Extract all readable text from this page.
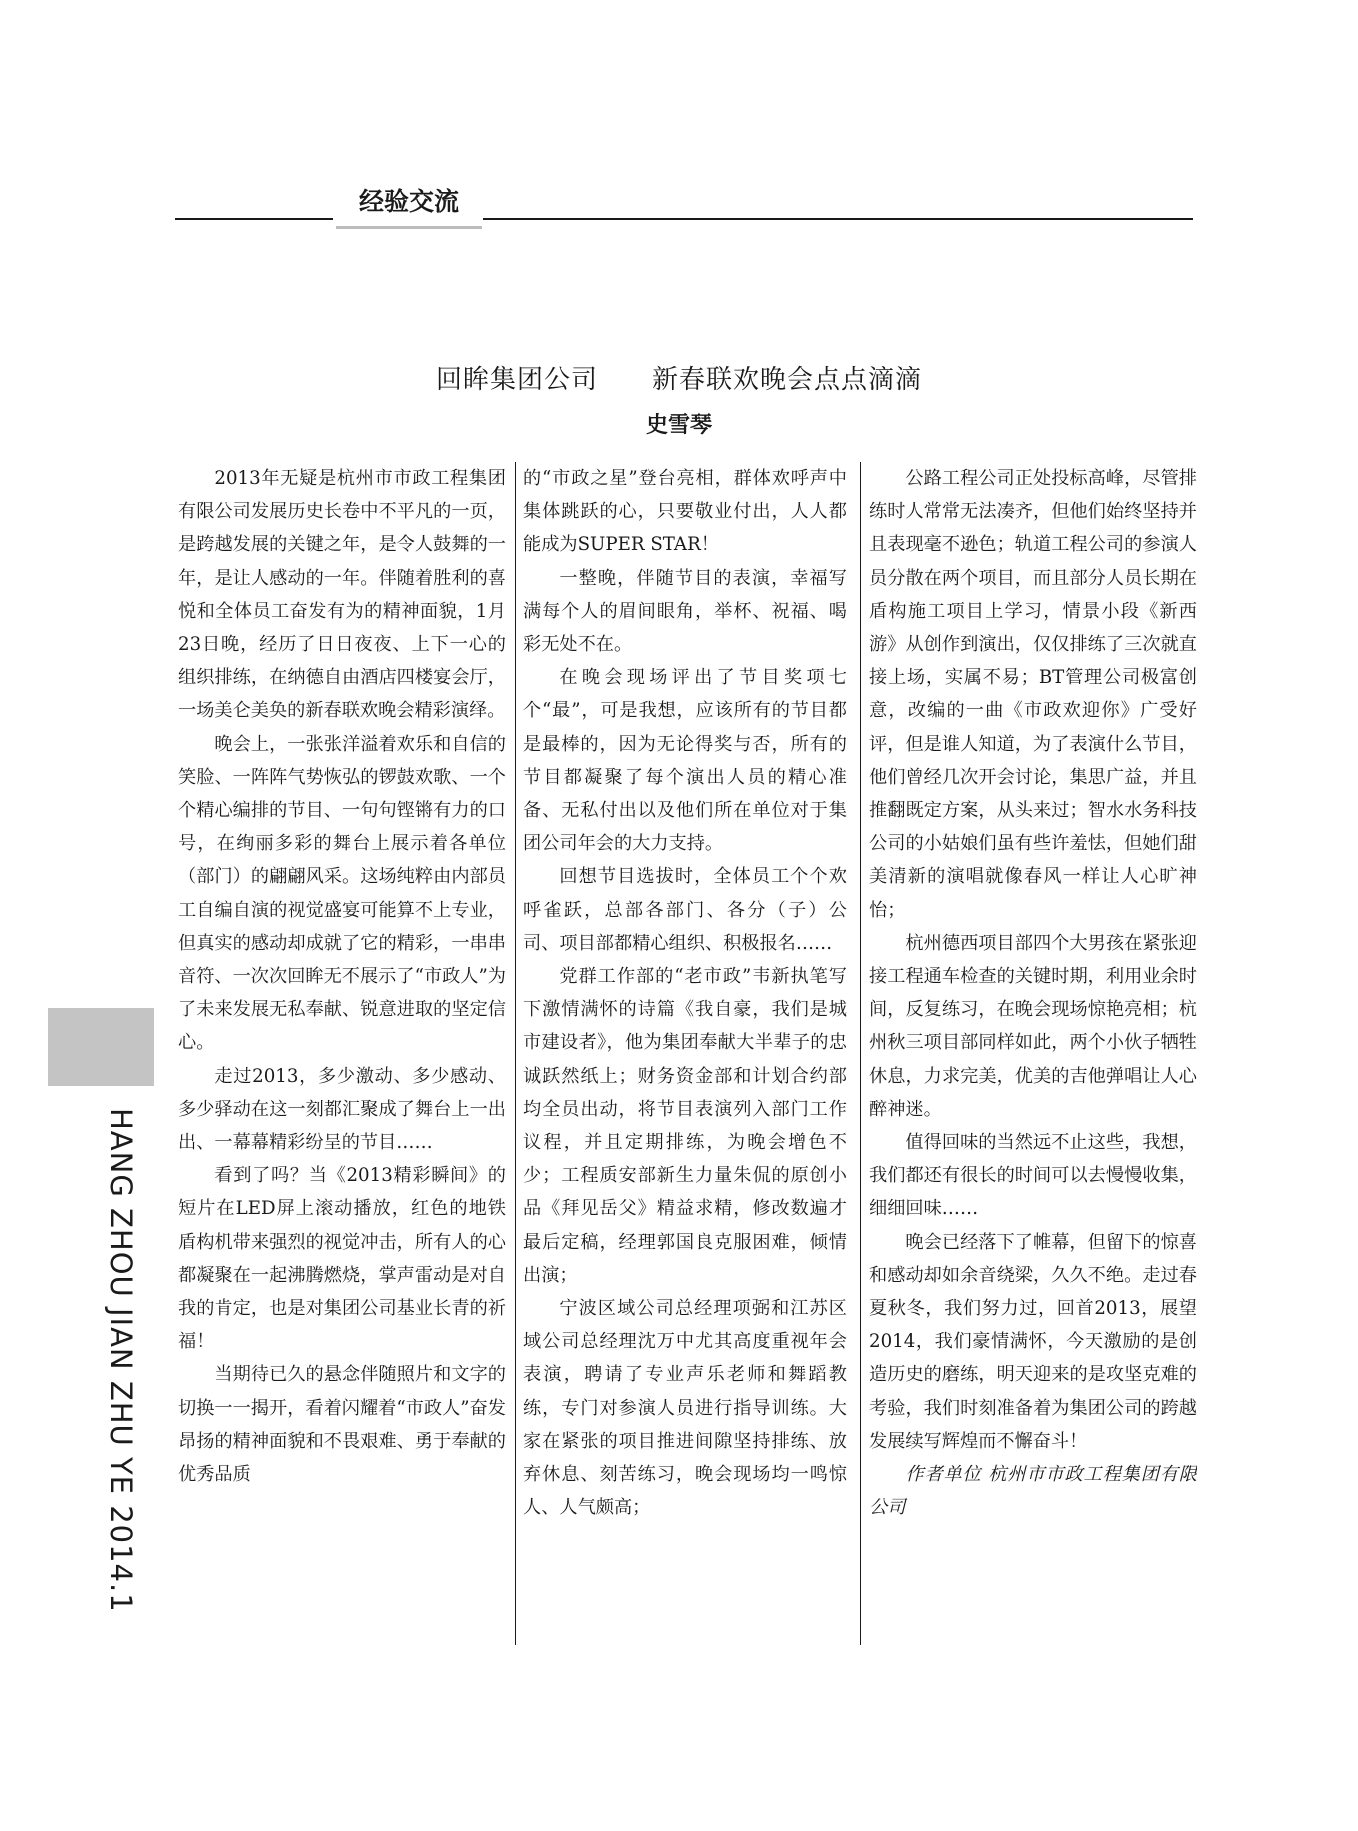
经验交流
回眸集团公司　　新春联欢晚会点点滴滴
史雪琴
HANG ZHOU JIAN ZHU YE 2014.1

2013年无疑是杭州市市政工程集团有限公司发展历史长卷中不平凡的一页，是跨越发展的关键之年，是令人鼓舞的一年，是让人感动的一年。伴随着胜利的喜悦和全体员工奋发有为的精神面貌，1月23日晚，经历了日日夜夜、上下一心的组织排练，在纳德自由酒店四楼宴会厅，一场美仑美奂的新春联欢晚会精彩演绎。

晚会上，一张张洋溢着欢乐和自信的笑脸、一阵阵气势恢弘的锣鼓欢歌、一个个精心编排的节目、一句句铿锵有力的口号，在绚丽多彩的舞台上展示着各单位（部门）的翩翩风采。这场纯粹由内部员工自编自演的视觉盛宴可能算不上专业，但真实的感动却成就了它的精彩，一串串音符、一次次回眸无不展示了“市政人”为了未来发展无私奉献、锐意进取的坚定信心。

走过2013，多少激动、多少感动、多少驿动在这一刻都汇聚成了舞台上一出出、一幕幕精彩纷呈的节目……

看到了吗？当《2013精彩瞬间》的短片在LED屏上滚动播放，红色的地铁盾构机带来强烈的视觉冲击，所有人的心都凝聚在一起沸腾燃烧，掌声雷动是对自我的肯定，也是对集团公司基业长青的祈福！

当期待已久的悬念伴随照片和文字的切换一一揭开，看着闪耀着“市政人”奋发昂扬的精神面貌和不畏艰难、勇于奉献的优秀品质

的“市政之星”登台亮相，群体欢呼声中集体跳跃的心，只要敬业付出，人人都能成为SUPER STAR！

一整晚，伴随节目的表演，幸福写满每个人的眉间眼角，举杯、祝福、喝彩无处不在。

在晚会现场评出了节目奖项七个“最”，可是我想，应该所有的节目都是最棒的，因为无论得奖与否，所有的节目都凝聚了每个演出人员的精心准备、无私付出以及他们所在单位对于集团公司年会的大力支持。

回想节目选拔时，全体员工个个欢呼雀跃，总部各部门、各分（子）公司、项目部都精心组织、积极报名……

党群工作部的“老市政”韦新执笔写下激情满怀的诗篇《我自豪，我们是城市建设者》，他为集团奉献大半辈子的忠诚跃然纸上；财务资金部和计划合约部均全员出动，将节目表演列入部门工作议程，并且定期排练，为晚会增色不少；工程质安部新生力量朱侃的原创小品《拜见岳父》精益求精，修改数遍才最后定稿，经理郭国良克服困难，倾情出演；

宁波区域公司总经理项弼和江苏区域公司总经理沈万中尤其高度重视年会表演，聘请了专业声乐老师和舞蹈教练，专门对参演人员进行指导训练。大家在紧张的项目推进间隙坚持排练、放弃休息、刻苦练习，晚会现场均一鸣惊人、人气颇高；

公路工程公司正处投标高峰，尽管排练时人常常无法凑齐，但他们始终坚持并且表现毫不逊色；轨道工程公司的参演人员分散在两个项目，而且部分人员长期在盾构施工项目上学习，情景小段《新西游》从创作到演出，仅仅排练了三次就直接上场，实属不易；BT管理公司极富创意，改编的一曲《市政欢迎你》广受好评，但是谁人知道，为了表演什么节目，他们曾经几次开会讨论，集思广益，并且推翻既定方案，从头来过；智水水务科技公司的小姑娘们虽有些许羞怯，但她们甜美清新的演唱就像春风一样让人心旷神怡；

杭州德西项目部四个大男孩在紧张迎接工程通车检查的关键时期，利用业余时间，反复练习，在晚会现场惊艳亮相；杭州秋三项目部同样如此，两个小伙子牺牲休息，力求完美，优美的吉他弹唱让人心醉神迷。

值得回味的当然远不止这些，我想，我们都还有很长的时间可以去慢慢收集，细细回味……

晚会已经落下了帷幕，但留下的惊喜和感动却如余音绕梁，久久不绝。走过春夏秋冬，我们努力过，回首2013，展望2014，我们豪情满怀，今天激励的是创造历史的磨练，明天迎来的是攻坚克难的考验，我们时刻准备着为集团公司的跨越发展续写辉煌而不懈奋斗！

作者单位 杭州市市政工程集团有限公司
